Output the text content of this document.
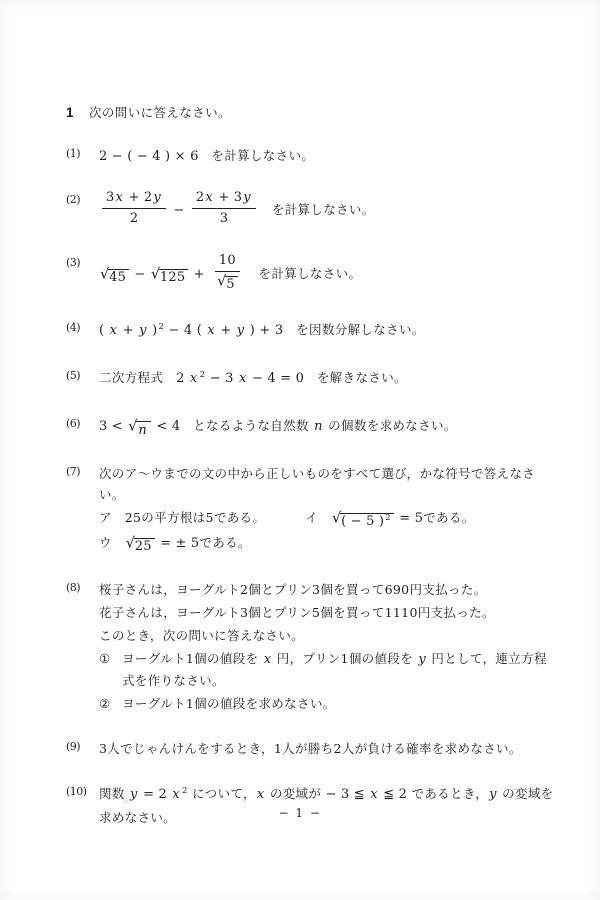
1	次の問いに答えなさい。
(1)	2 − ( − 4 ) × 6　を計算しなさい。
(2)	$\frac{3x + 2y}{2} - \frac{2x + 3y}{3}$ 　を計算しなさい。
(3)
√ 45 − √ $125 + \frac{10}{√ 5}$ 　を計算しなさい。
(4)	( x + y )$^2$ − 4 ( x + y ) + 3　を因数分解しなさい。
(5)	二次方程式　2 x $^2$ − 3 x − 4 = 0　を解きなさい。
(6)	3 < √ n < 4　となるような自然数 n の個数を求めなさい。
(7)	次のア～ウまでの文の中から正しいものをすべて選び，かな符号で答えなさい。
ア　25の平方根は5である。	イ　 √ ( − 5 )$^2$ = 5である。
ウ　 √ 25 = ± 5である。
(8)	桜子さんは，ヨーグルト2個とプリン3個を買って690円支払った。
花子さんは，ヨーグルト3個とプリン5個を買って1110円支払った。
このとき，次の問いに答えなさい。
① ヨーグルト1個の値段を x 円，プリン1個の値段を y 円として，連立方程式を作りなさい。
② ヨーグルト1個の値段を求めなさい。
(9)	3人でじゃんけんをするとき，1人が勝ち2人が負ける確率を求めなさい。
(10) 関数 y = 2 x $^2$ について，x の変域が − 3 ≦ x ≦ 2 であるとき，y の変域を求めなさい。	− 1 −
